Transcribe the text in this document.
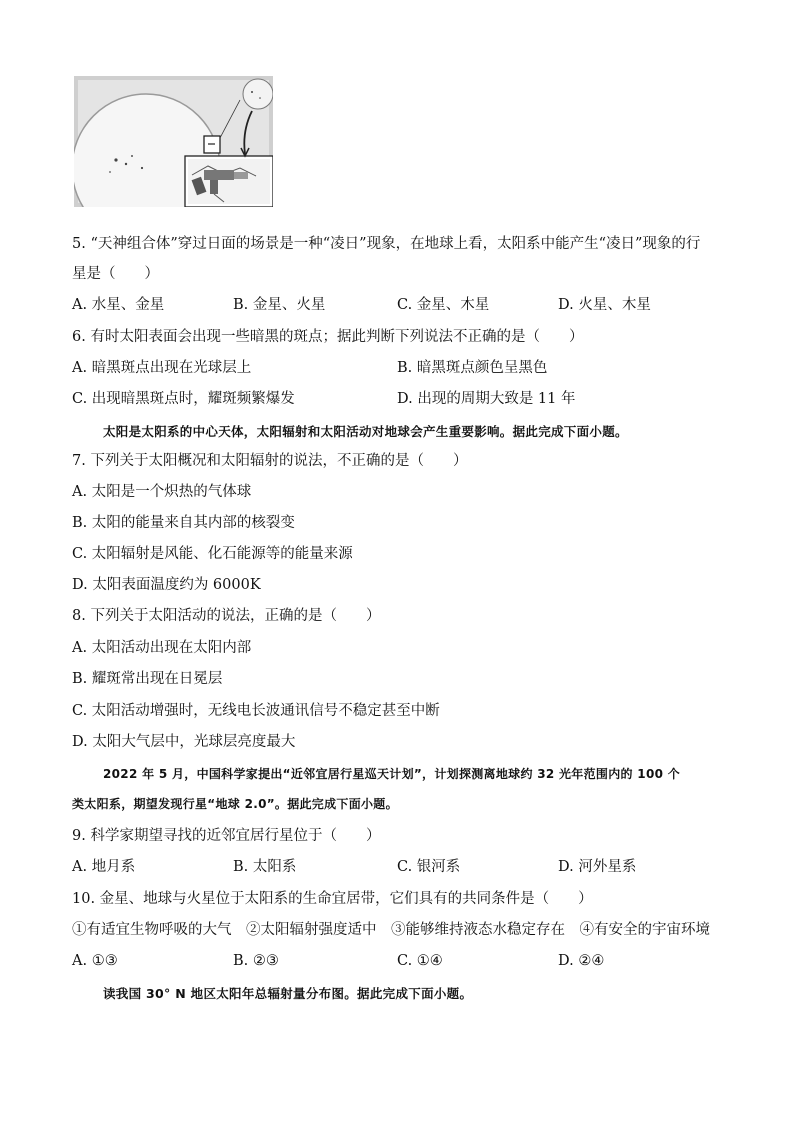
5. “天神组合体”穿过日面的场景是一种“凌日”现象，在地球上看，太阳系中能产生“凌日”现象的行
星是（　　）
A. 水星、金星	B. 金星、火星	C. 金星、木星	D. 火星、木星
6. 有时太阳表面会出现一些暗黑的斑点；据此判断下列说法不正确的是（　　）
A. 暗黑斑点出现在光球层上	B. 暗黑斑点颜色呈黑色
C. 出现暗黑斑点时，耀斑频繁爆发	D. 出现的周期大致是 11 年
太阳是太阳系的中心天体，太阳辐射和太阳活动对地球会产生重要影响。据此完成下面小题。
7. 下列关于太阳概况和太阳辐射的说法，不正确的是（　　）
A. 太阳是一个炽热的气体球
B. 太阳的能量来自其内部的核裂变
C. 太阳辐射是风能、化石能源等的能量来源
D. 太阳表面温度约为 6000K
8. 下列关于太阳活动的说法，正确的是（　　）
A. 太阳活动出现在太阳内部
B. 耀斑常出现在日冕层
C. 太阳活动增强时，无线电长波通讯信号不稳定甚至中断
D. 太阳大气层中，光球层亮度最大
2022 年 5 月，中国科学家提出“近邻宜居行星巡天计划”，计划探测离地球约 32 光年范围内的 100 个
类太阳系，期望发现行星“地球 2.0”。据此完成下面小题。
9. 科学家期望寻找的近邻宜居行星位于（　　）
A. 地月系	B. 太阳系	C. 银河系	D. 河外星系
10. 金星、地球与火星位于太阳系的生命宜居带，它们具有的共同条件是（　　）
①有适宜生物呼吸的大气　②太阳辐射强度适中　③能够维持液态水稳定存在　④有安全的宇宙环境
A. ①③	B. ②③	C. ①④	D. ②④
读我国 30° N 地区太阳年总辐射量分布图。据此完成下面小题。
